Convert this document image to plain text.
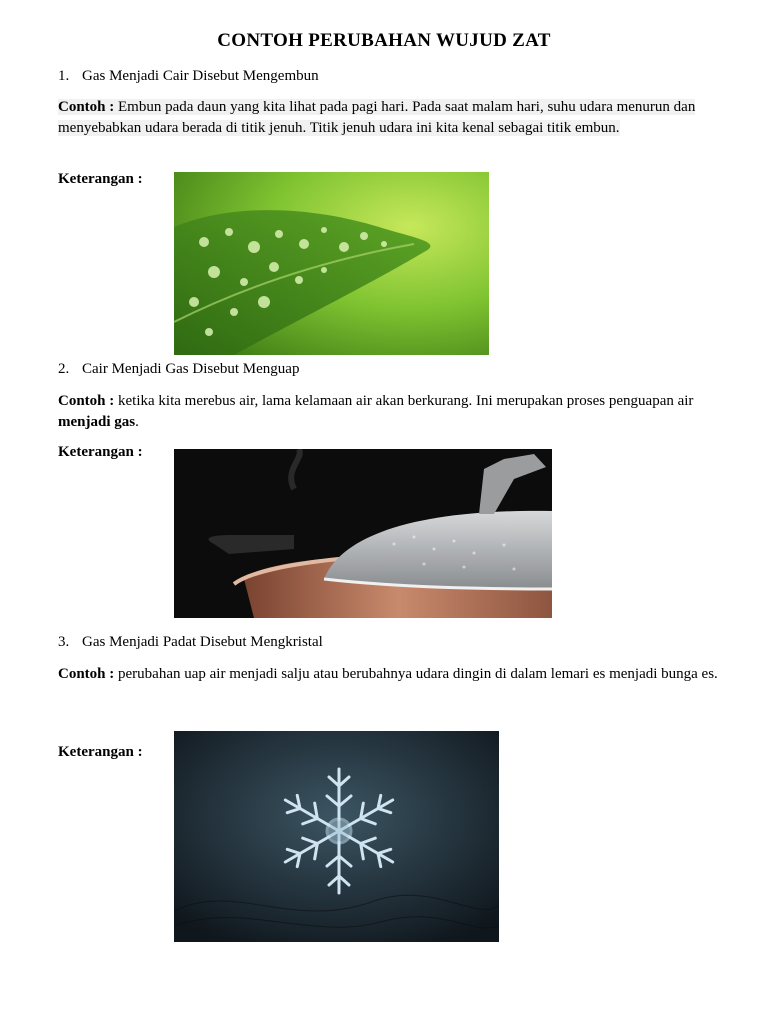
CONTOH PERUBAHAN WUJUD ZAT
1. Gas Menjadi Cair Disebut Mengembun
Contoh : Embun pada daun yang kita lihat pada pagi hari. Pada saat malam hari, suhu udara menurun dan menyebabkan udara berada di titik jenuh. Titik jenuh udara ini kita kenal sebagai titik embun.
Keterangan :
2. Cair Menjadi Gas Disebut Menguap
Contoh : ketika kita merebus air, lama kelamaan air akan berkurang. Ini merupakan proses penguapan air menjadi gas.
Keterangan :
3. Gas Menjadi Padat Disebut Mengkristal
Contoh : perubahan uap air menjadi salju atau berubahnya udara dingin di dalam lemari es menjadi bunga es.
Keterangan :
